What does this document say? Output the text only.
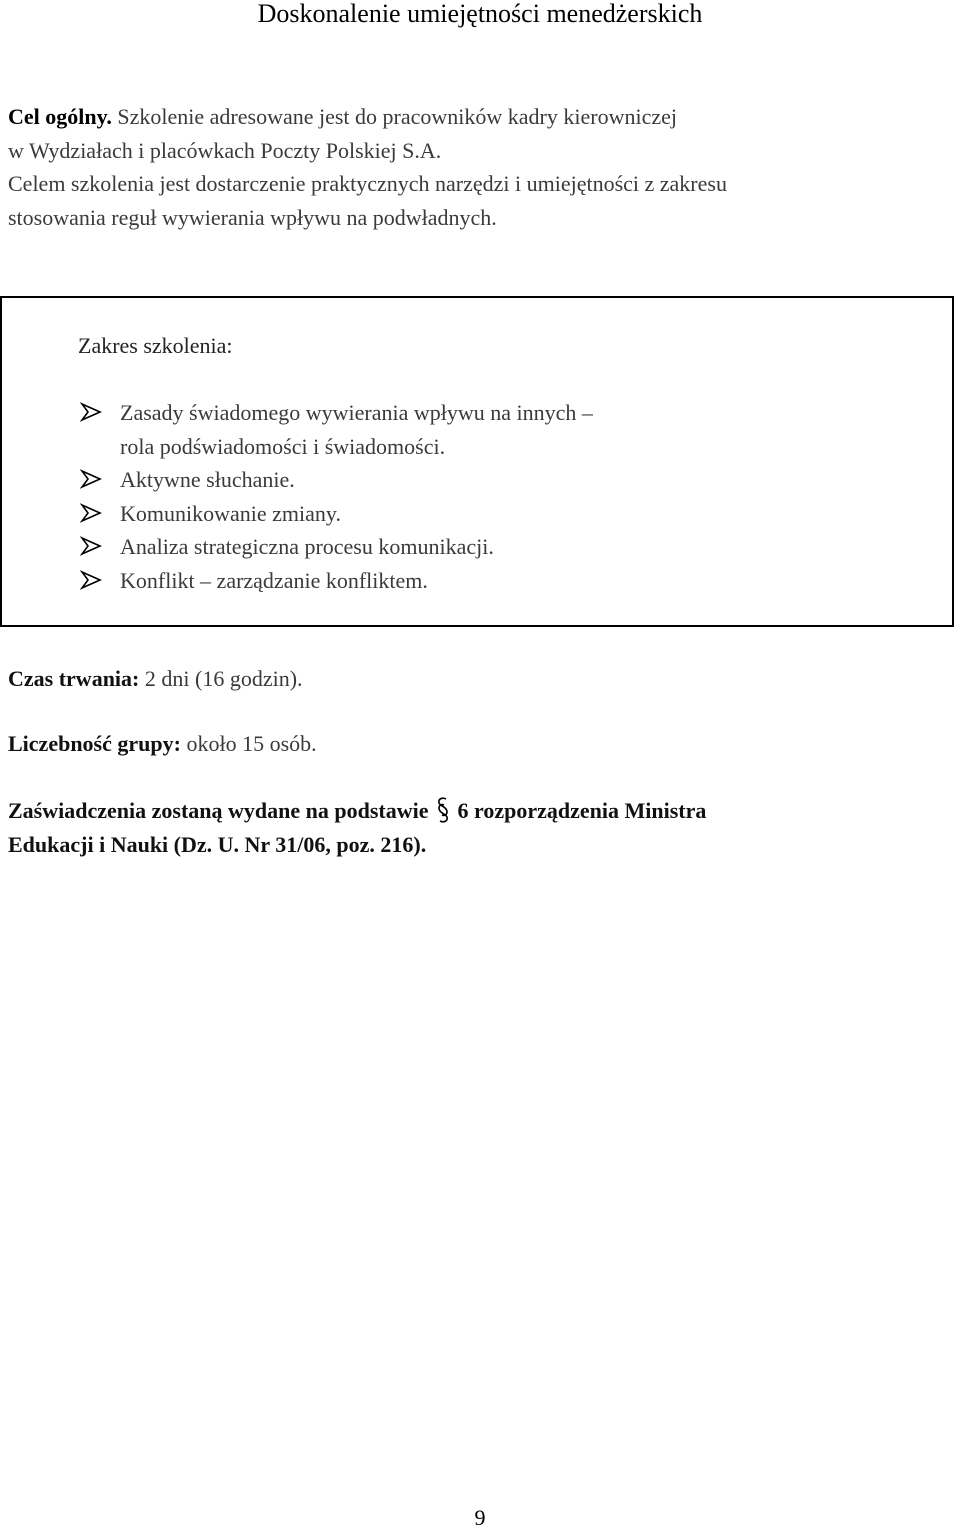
Doskonalenie umiejętności menedżerskich
Cel ogólny. Szkolenie adresowane jest do pracowników kadry kierowniczej
w Wydziałach i placówkach Poczty Polskiej S.A.
Celem szkolenia jest dostarczenie praktycznych narzędzi i umiejętności z zakresu
stosowania reguł wywierania wpływu na podwładnych.
Zakres szkolenia:
Zasady świadomego wywierania wpływu na innych –
rola podświadomości i świadomości.
Aktywne słuchanie.
Komunikowanie zmiany.
Analiza strategiczna procesu komunikacji.
Konflikt – zarządzanie konfliktem.
Czas trwania: 2 dni (16 godzin).
Liczebność grupy: około 15 osób.
Zaświadczenia zostaną wydane na podstawie 6 rozporządzenia Ministra
Edukacji i Nauki (Dz. U. Nr 31/06, poz. 216).
9
